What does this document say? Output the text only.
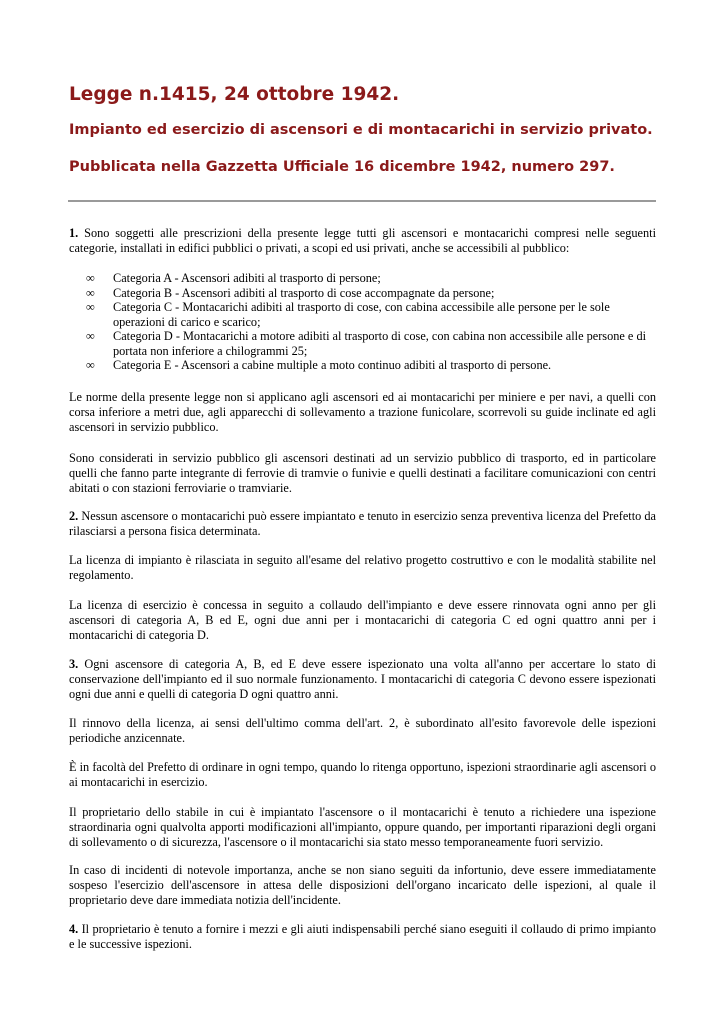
Legge n.1415, 24 ottobre 1942.
Impianto ed esercizio di ascensori e di montacarichi in servizio privato.
Pubblicata nella Gazzetta Ufficiale 16 dicembre 1942, numero 297.

1. Sono soggetti alle prescrizioni della presente legge tutti gli ascensori e montacarichi compresi nelle seguenti categorie, installati in edifici pubblici o privati, a scopi ed usi privati, anche se accessibili al pubblico:

∞ Categoria A - Ascensori adibiti al trasporto di persone;
∞ Categoria B - Ascensori adibiti al trasporto di cose accompagnate da persone;
∞ Categoria C - Montacarichi adibiti al trasporto di cose, con cabina accessibile alle persone per le sole operazioni di carico e scarico;
∞ Categoria D - Montacarichi a motore adibiti al trasporto di cose, con cabina non accessibile alle persone e di portata non inferiore a chilogrammi 25;
∞ Categoria E - Ascensori a cabine multiple a moto continuo adibiti al trasporto di persone.

Le norme della presente legge non si applicano agli ascensori ed ai montacarichi per miniere e per navi, a quelli con corsa inferiore a metri due, agli apparecchi di sollevamento a trazione funicolare, scorrevoli su guide inclinate ed agli ascensori in servizio pubblico.

Sono considerati in servizio pubblico gli ascensori destinati ad un servizio pubblico di trasporto, ed in particolare quelli che fanno parte integrante di ferrovie di tramvie o funivie e quelli destinati a facilitare comunicazioni con centri abitati o con stazioni ferroviarie o tramviarie.

2. Nessun ascensore o montacarichi può essere impiantato e tenuto in esercizio senza preventiva licenza del Prefetto da rilasciarsi a persona fisica determinata.

La licenza di impianto è rilasciata in seguito all'esame del relativo progetto costruttivo e con le modalità stabilite nel regolamento.

La licenza di esercizio è concessa in seguito a collaudo dell'impianto e deve essere rinnovata ogni anno per gli ascensori di categoria A, B ed E, ogni due anni per i montacarichi di categoria C ed ogni quattro anni per i montacarichi di categoria D.

3. Ogni ascensore di categoria A, B, ed E deve essere ispezionato una volta all'anno per accertare lo stato di conservazione dell'impianto ed il suo normale funzionamento. I montacarichi di categoria C devono essere ispezionati ogni due anni e quelli di categoria D ogni quattro anni.

Il rinnovo della licenza, ai sensi dell'ultimo comma dell'art. 2, è subordinato all'esito favorevole delle ispezioni periodiche anzicennate.

È in facoltà del Prefetto di ordinare in ogni tempo, quando lo ritenga opportuno, ispezioni straordinarie agli ascensori o ai montacarichi in esercizio.

Il proprietario dello stabile in cui è impiantato l'ascensore o il montacarichi è tenuto a richiedere una ispezione straordinaria ogni qualvolta apporti modificazioni all'impianto, oppure quando, per importanti riparazioni degli organi di sollevamento o di sicurezza, l'ascensore o il montacarichi sia stato messo temporaneamente fuori servizio.

In caso di incidenti di notevole importanza, anche se non siano seguiti da infortunio, deve essere immediatamente sospeso l'esercizio dell'ascensore in attesa delle disposizioni dell'organo incaricato delle ispezioni, al quale il proprietario deve dare immediata notizia dell'incidente.

4. Il proprietario è tenuto a fornire i mezzi e gli aiuti indispensabili perché siano eseguiti il collaudo di primo impianto e le successive ispezioni.
